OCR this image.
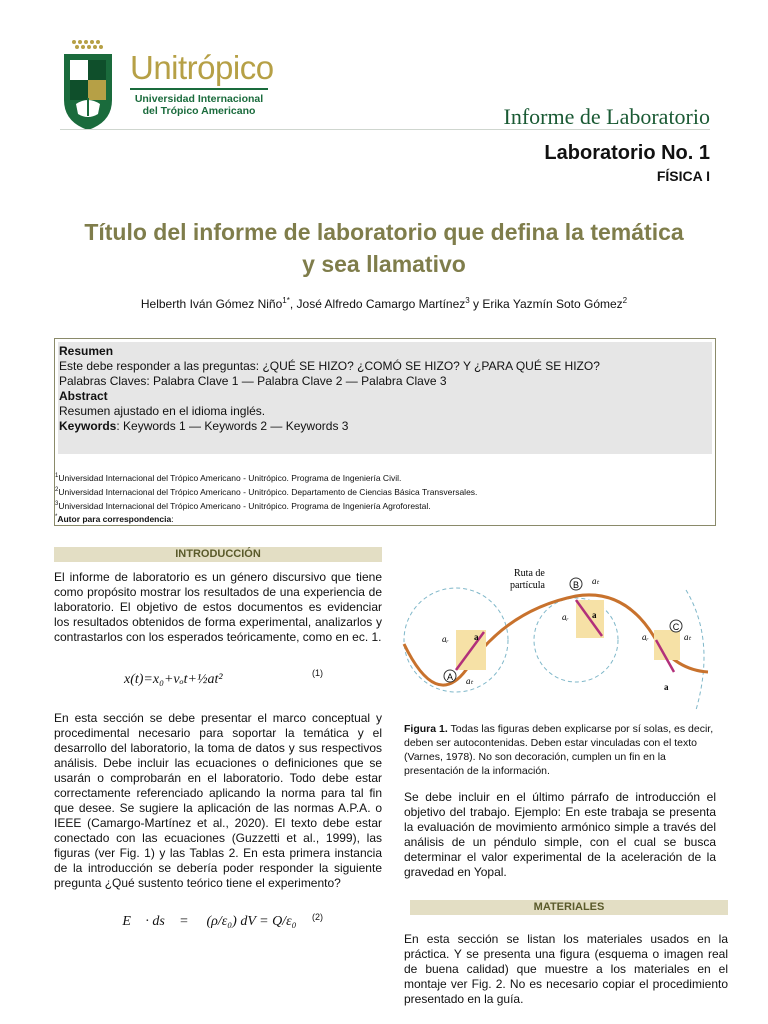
Unitrópico
Universidad Internacional
del Trópico Americano	Informe de Laboratorio
Laboratorio No. 1
FÍSICA I
Título del informe de laboratorio que defina la temática
y sea llamativo
Helberth Iván Gómez Niño$^{1*}$, José Alfredo Camargo Martínez$^3$ y Erika Yazmín Soto Gómez$^2$
Resumen
Este debe responder a las preguntas: ¿QUÉ SE HIZO? ¿COMÓ SE HIZO? Y ¿PARA QUÉ SE HIZO?
Palabras Claves: Palabra Clave 1 — Palabra Clave 2 — Palabra Clave 3
Abstract
Resumen ajustado en el idioma inglés.
Keywords: Keywords 1 — Keywords 2 — Keywords 3
$^1$Universidad Internacional del Trópico Americano - Unitrópico. Programa de Ingeniería Civil.
$^2$Universidad Internacional del Trópico Americano - Unitrópico. Departamento de Ciencias Básica Transversales.
$^3$Universidad Internacional del Trópico Americano - Unitrópico. Programa de Ingeniería Agroforestal.
*Autor para correspondencia:
INTRODUCCIÓN
El informe de laboratorio es un género discursivo que tiene como propósito mostrar los resultados de una experiencia de laboratorio. El objetivo de estos documentos es evidenciar los resultados obtenidos de forma experimental, analizarlos y contrastarlos con los esperados teóricamente, como en ec. 1.
x(t)=x₀+vₒt+½at²	(1)
En esta sección se debe presentar el marco conceptual y procedimental necesario para soportar la temática y el desarrollo del laboratorio, la toma de datos y sus respectivos análisis. Debe incluir las ecuaciones o definiciones que se usarán o comprobarán en el laboratorio. Todo debe estar correctamente referenciado aplicando la norma para tal fin que desee. Se sugiere la aplicación de las normas A.P.A. o IEEE (Camargo-Martínez et al., 2020). El texto debe estar conectado con las ecuaciones (Guzzetti et al., 1999), las figuras (ver Fig. 1) y las Tablas 2. En esta primera instancia de la introducción se debería poder responder la siguiente pregunta ¿Qué sustento teórico tiene el experimento?
∮ E⃗ · ds⃗ = ∮ (ρ/ε₀) dV = Q/ε₀ (2)
A
B
C
Ruta de
partícula
a
aᵣ
aₜ
a
aᵣ
aₜ
aᵣ	aₜ
a
Figura 1. Todas las figuras deben explicarse por sí solas, es decir, deben ser autocontenidas. Deben estar vinculadas con el texto (Varnes, 1978). No son decoración, cumplen un fin en la presentación de la información.
Se debe incluir en el último párrafo de introducción el objetivo del trabajo. Ejemplo: En este trabaja se presenta la evaluación de movimiento armónico simple a través del análisis de un péndulo simple, con el cual se busca determinar el valor experimental de la aceleración de la gravedad en Yopal.
MATERIALES
En esta sección se listan los materiales usados en la práctica. Y se presenta una figura (esquema o imagen real de buena calidad) que muestre a los materiales en el montaje ver Fig. 2. No es necesario copiar el procedimiento presentado en la guía.
